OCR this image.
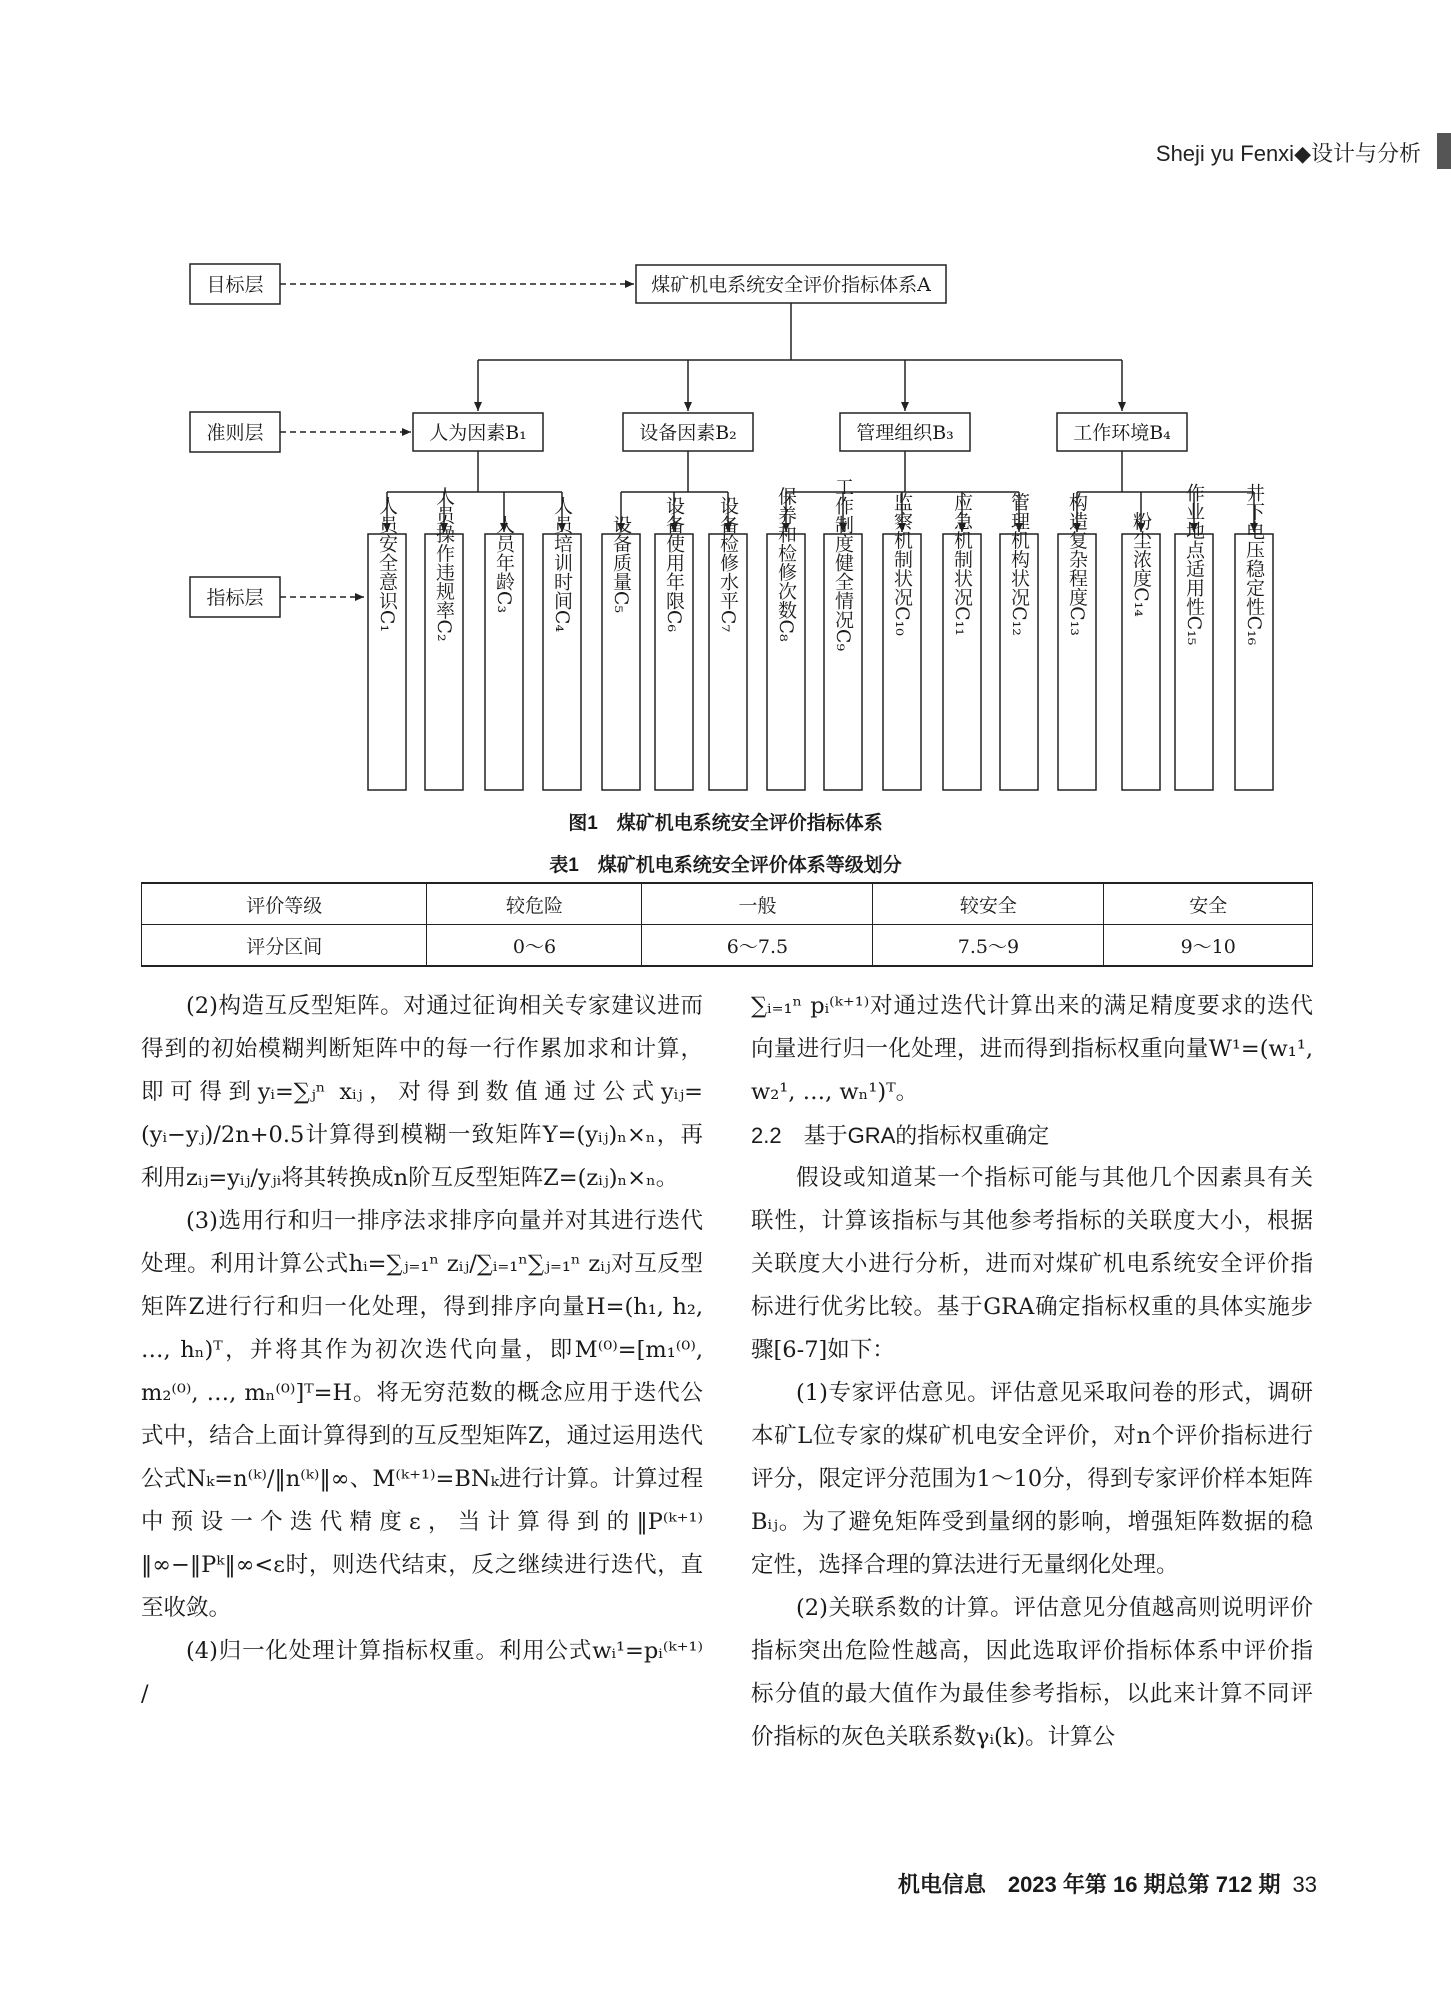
Sheji yu Fenxi◆设计与分析
目标层
准则层
指标层
煤矿机电系统安全评价指标体系A
人为因素B₁	设备因素B₂	管理组织B₃	工作环境B₄
人员安全意识C₁ 人员操作违规率C₂ 人员年龄C₃ 人员培训时间C₄ 设备质量C₅ 设备使用年限C₆ 设备检修水平C₇ 保养和检修次数C₈ 工作制度健全情况C₉ 监察机制状况C₁₀ 应急机制状况C₁₁ 管理机构状况C₁₂ 构造复杂程度C₁₃ 粉尘浓度C₁₄ 作业地点适用性C₁₅ 井下电压稳定性C₁₆
图1　煤矿机电系统安全评价指标体系
表1　煤矿机电系统安全评价体系等级划分
评价等级	较危险	一般	较安全	安全
评分区间	0～6	6～7.5	7.5～9	9～10

(2)构造互反型矩阵。对通过征询相关专家建议进而得到的初始模糊判断矩阵中的每一行作累加求和计算，即可得到yᵢ=∑ⱼⁿ xᵢⱼ，对得到数值通过公式yᵢⱼ=(yᵢ−yⱼ)/2n+0.5计算得到模糊一致矩阵Y=(yᵢⱼ)ₙ×ₙ，再利用zᵢⱼ=yᵢⱼ/yⱼᵢ将其转换成n阶互反型矩阵Z=(zᵢⱼ)ₙ×ₙ。

(3)选用行和归一排序法求排序向量并对其进行迭代处理。利用计算公式hᵢ=∑ⱼ₌₁ⁿ zᵢⱼ/∑ᵢ₌₁ⁿ∑ⱼ₌₁ⁿ zᵢⱼ对互反型矩阵Z进行行和归一化处理，得到排序向量H=(h₁, h₂, …, hₙ)ᵀ，并将其作为初次迭代向量，即M⁽⁰⁾=[m₁⁽⁰⁾, m₂⁽⁰⁾, …, mₙ⁽⁰⁾]ᵀ=H。将无穷范数的概念应用于迭代公式中，结合上面计算得到的互反型矩阵Z，通过运用迭代公式Nₖ=n⁽ᵏ⁾/‖n⁽ᵏ⁾‖∞、M⁽ᵏ⁺¹⁾=BNₖ进行计算。计算过程中预设一个迭代精度ε，当计算得到的‖P⁽ᵏ⁺¹⁾‖∞−‖Pᵏ‖∞<ε时，则迭代结束，反之继续进行迭代，直至收敛。

(4)归一化处理计算指标权重。利用公式wᵢ¹=pᵢ⁽ᵏ⁺¹⁾ /

∑ᵢ₌₁ⁿ pᵢ⁽ᵏ⁺¹⁾对通过迭代计算出来的满足精度要求的迭代向量进行归一化处理，进而得到指标权重向量W¹=(w₁¹, w₂¹, …, wₙ¹)ᵀ。

2.2　基于GRA的指标权重确定

假设或知道某一个指标可能与其他几个因素具有关联性，计算该指标与其他参考指标的关联度大小，根据关联度大小进行分析，进而对煤矿机电系统安全评价指标进行优劣比较。基于GRA确定指标权重的具体实施步骤[6-7]如下：

(1)专家评估意见。评估意见采取问卷的形式，调研本矿L位专家的煤矿机电安全评价，对n个评价指标进行评分，限定评分范围为1～10分，得到专家评价样本矩阵Bᵢⱼ。为了避免矩阵受到量纲的影响，增强矩阵数据的稳定性，选择合理的算法进行无量纲化处理。

(2)关联系数的计算。评估意见分值越高则说明评价指标突出危险性越高，因此选取评价指标体系中评价指标分值的最大值作为最佳参考指标，以此来计算不同评价指标的灰色关联系数γᵢ(k)。计算公

机电信息　2023 年第 16 期总第 712 期 33
